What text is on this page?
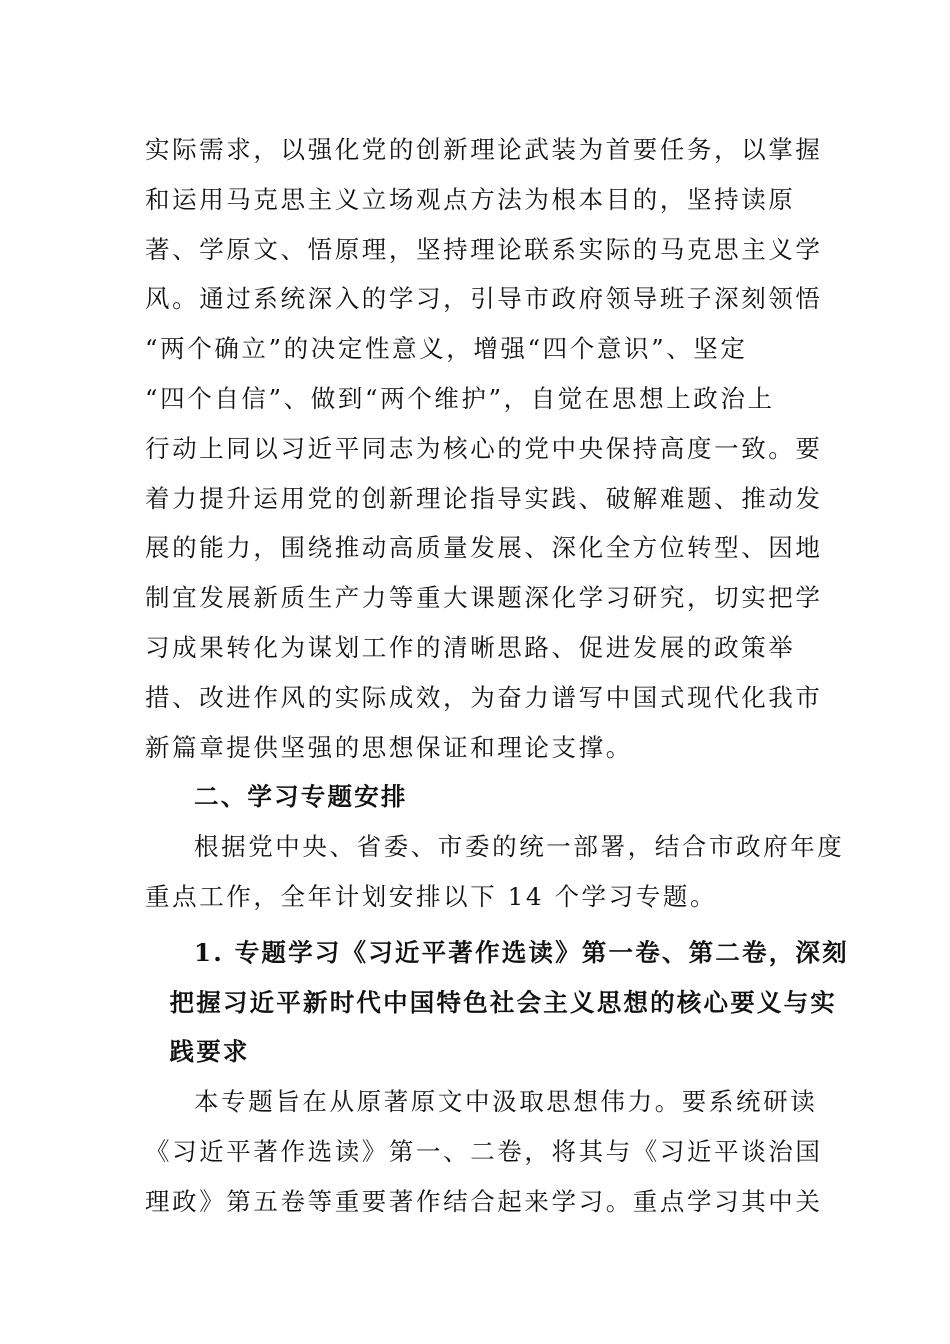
实际需求，以强化党的创新理论武装为首要任务，以掌握
和运用马克思主义立场观点方法为根本目的，坚持读原
著、学原文、悟原理，坚持理论联系实际的马克思主义学
风。通过系统深入的学习，引导市政府领导班子深刻领悟
“两个确立”的决定性意义，增强“四个意识”、坚定
“四个自信”、做到“两个维护”，自觉在思想上政治上
行动上同以习近平同志为核心的党中央保持高度一致。要
着力提升运用党的创新理论指导实践、破解难题、推动发
展的能力，围绕推动高质量发展、深化全方位转型、因地
制宜发展新质生产力等重大课题深化学习研究，切实把学
习成果转化为谋划工作的清晰思路、促进发展的政策举
措、改进作风的实际成效，为奋力谱写中国式现代化我市
新篇章提供坚强的思想保证和理论支撑。

二、学习专题安排

根据党中央、省委、市委的统一部署，结合市政府年度
重点工作，全年计划安排以下 14 个学习专题。

1. 专题学习《习近平著作选读》第一卷、第二卷，深刻
把握习近平新时代中国特色社会主义思想的核心要义与实
践要求

本专题旨在从原著原文中汲取思想伟力。要系统研读
《习近平著作选读》第一、二卷，将其与《习近平谈治国
理政》第五卷等重要著作结合起来学习。重点学习其中关
